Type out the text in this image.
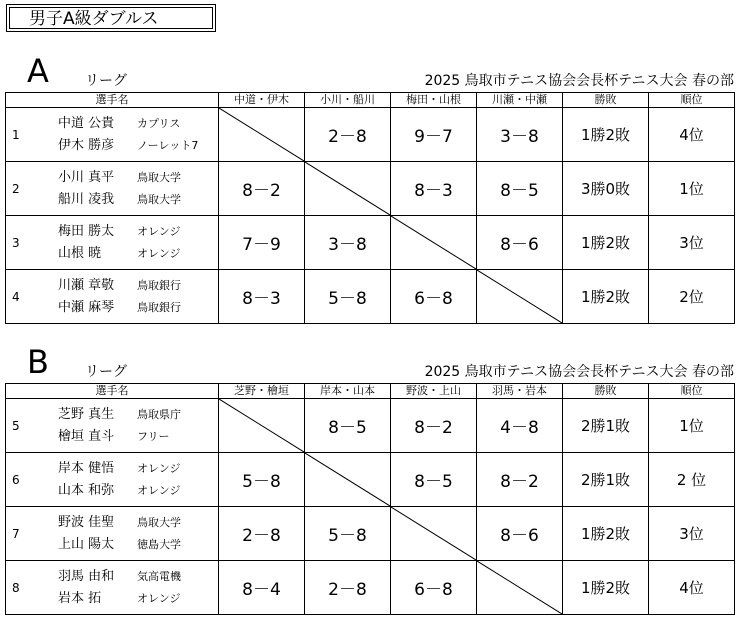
男子A級ダブルス
A	リーグ	2025 鳥取市テニス協会会長杯テニス大会 春の部
選手名	中道・伊木	小川・船川	梅田・山根	川瀬・中瀬	勝敗	順位

1
中道 公貴 カプリス
伊木 勝彦 ノーレット7		2－8	9－7	3－8	1勝2敗	4位

2
小川 真平 鳥取大学
船川 凌我 鳥取大学	8－2		8－3	8－5	3勝0敗	1位

3
梅田 勝太 オレンジ
山根 暁 オレンジ	7－9	3－8		8－6	1勝2敗	3位

4
川瀬 章敬 鳥取銀行
中瀬 麻琴 鳥取銀行	8－3	5－8	6－8		1勝2敗	2位
B	リーグ	2025 鳥取市テニス協会会長杯テニス大会 春の部
選手名	芝野・檜垣	岸本・山本	野波・上山	羽馬・岩本	勝敗	順位

5
芝野 真生 鳥取県庁
檜垣 直斗 フリー		8－5	8－2	4－8	2勝1敗	1位

6
岸本 健悟 オレンジ
山本 和弥 オレンジ	5－8		8－5	8－2	2勝1敗	2 位

7
野波 佳聖 鳥取大学
上山 陽太 徳島大学	2－8	5－8		8－6	1勝2敗	3位

8
羽馬 由和 気高電機
岩本 拓 オレンジ	8－4	2－8	6－8		1勝2敗	4位
